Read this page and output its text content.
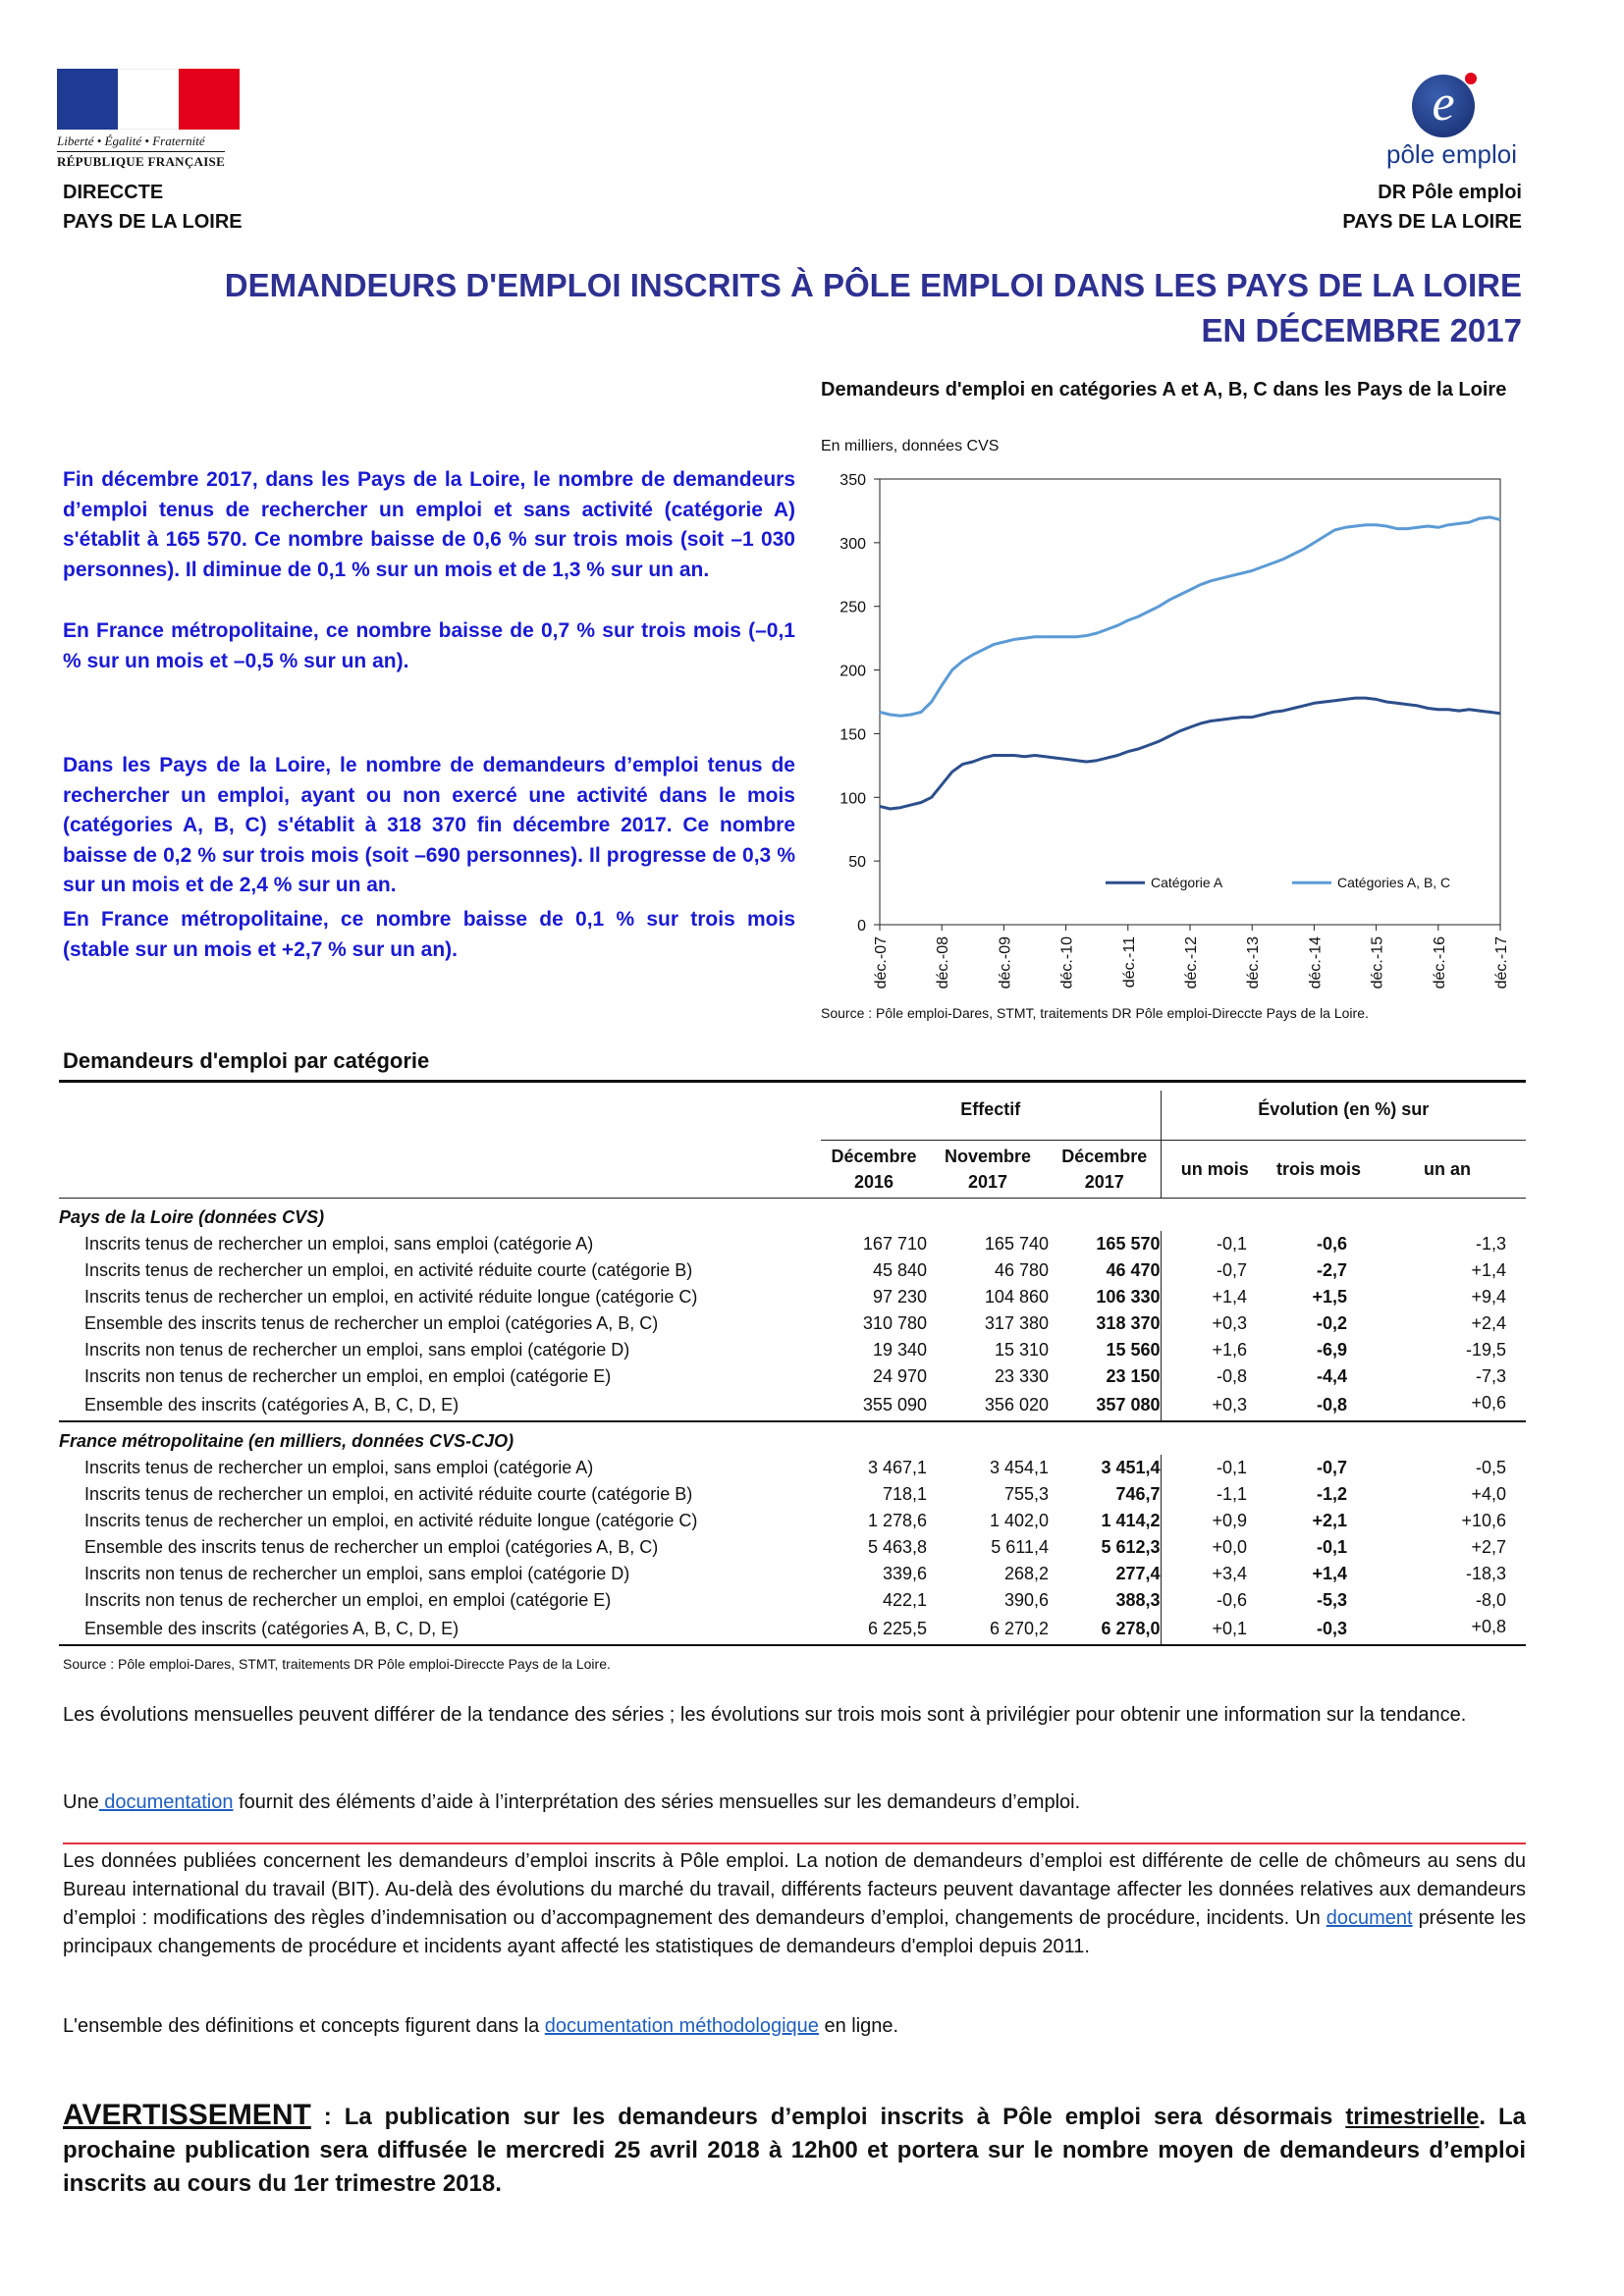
Liberté • Égalité • Fraternité
RÉPUBLIQUE FRANÇAISE
e
pôle emploi
DIRECCTE
PAYS DE LA LOIRE
DR Pôle emploi
PAYS DE LA LOIRE
DEMANDEURS D'EMPLOI INSCRITS À PÔLE EMPLOI DANS LES PAYS DE LA LOIRE
EN DÉCEMBRE 2017

Fin décembre 2017, dans les Pays de la Loire, le nombre de demandeurs d’emploi tenus de rechercher un emploi et sans activité (catégorie A) s'établit à 165 570. Ce nombre baisse de 0,6 % sur trois mois (soit –1 030 personnes). Il diminue de 0,1 % sur un mois et de 1,3 % sur un an.

En France métropolitaine, ce nombre baisse de 0,7 % sur trois mois (–0,1 % sur un mois et –0,5 % sur un an).

Dans les Pays de la Loire, le nombre de demandeurs d’emploi tenus de rechercher un emploi, ayant ou non exercé une activité dans le mois (catégories A, B, C) s'établit à 318 370 fin décembre 2017. Ce nombre baisse de 0,2 % sur trois mois (soit –690 personnes). Il progresse de 0,3 % sur un mois et de 2,4 % sur un an.

En France métropolitaine, ce nombre baisse de 0,1 % sur trois mois (stable sur un mois et +2,7 % sur un an).

Demandeurs d'emploi en catégories A et A, B, C dans les Pays de la Loire
En milliers, données CVS
0
50
100
150
200
250
300
350
déc.-07	déc.-08	déc.-09	déc.-10	déc.-11	déc.-12	déc.-13	déc.-14	déc.-15	déc.-16	déc.-17
Catégorie A	Catégories A, B, C
Source : Pôle emploi-Dares, STMT, traitements DR Pôle emploi-Direccte Pays de la Loire.
Demandeurs d'emploi par catégorie

	Effectif			Évolution (en %) sur		
	Décembre
2016	Novembre
2017	Décembre
2017	un mois	trois mois	un an
Pays de la Loire (données CVS)						
Inscrits tenus de rechercher un emploi, sans emploi (catégorie A)	167 710	165 740	165 570	-0,1	-0,6	-1,3
Inscrits tenus de rechercher un emploi, en activité réduite courte (catégorie B)	45 840	46 780	46 470	-0,7	-2,7	+1,4
Inscrits tenus de rechercher un emploi, en activité réduite longue (catégorie C)	97 230	104 860	106 330	+1,4	+1,5	+9,4
Ensemble des inscrits tenus de rechercher un emploi (catégories A, B, C)	310 780	317 380	318 370	+0,3	-0,2	+2,4
Inscrits non tenus de rechercher un emploi, sans emploi (catégorie D)	19 340	15 310	15 560	+1,6	-6,9	-19,5
Inscrits non tenus de rechercher un emploi, en emploi (catégorie E)	24 970	23 330	23 150	-0,8	-4,4	-7,3
Ensemble des inscrits (catégories A, B, C, D, E)	355 090	356 020	357 080	+0,3	-0,8	+0,6
France métropolitaine (en milliers, données CVS-CJO)						
Inscrits tenus de rechercher un emploi, sans emploi (catégorie A)	3 467,1	3 454,1	3 451,4	-0,1	-0,7	-0,5
Inscrits tenus de rechercher un emploi, en activité réduite courte (catégorie B)	718,1	755,3	746,7	-1,1	-1,2	+4,0
Inscrits tenus de rechercher un emploi, en activité réduite longue (catégorie C)	1 278,6	1 402,0	1 414,2	+0,9	+2,1	+10,6
Ensemble des inscrits tenus de rechercher un emploi (catégories A, B, C)	5 463,8	5 611,4	5 612,3	+0,0	-0,1	+2,7
Inscrits non tenus de rechercher un emploi, sans emploi (catégorie D)	339,6	268,2	277,4	+3,4	+1,4	-18,3
Inscrits non tenus de rechercher un emploi, en emploi (catégorie E)	422,1	390,6	388,3	-0,6	-5,3	-8,0
Ensemble des inscrits (catégories A, B, C, D, E)	6 225,5	6 270,2	6 278,0	+0,1	-0,3	+0,8

Source : Pôle emploi-Dares, STMT, traitements DR Pôle emploi-Direccte Pays de la Loire.

Les évolutions mensuelles peuvent différer de la tendance des séries ; les évolutions sur trois mois sont à privilégier pour obtenir une information sur la tendance.

Une documentation fournit des éléments d’aide à l’interprétation des séries mensuelles sur les demandeurs d’emploi.

Les données publiées concernent les demandeurs d’emploi inscrits à Pôle emploi. La notion de demandeurs d’emploi est différente de celle de chômeurs au sens du Bureau international du travail (BIT). Au-delà des évolutions du marché du travail, différents facteurs peuvent davantage affecter les données relatives aux demandeurs d’emploi : modifications des règles d’indemnisation ou d’accompagnement des demandeurs d’emploi, changements de procédure, incidents. Un document présente les principaux changements de procédure et incidents ayant affecté les statistiques de demandeurs d'emploi depuis 2011.

L'ensemble des définitions et concepts figurent dans la documentation méthodologique en ligne.

AVERTISSEMENT : La publication sur les demandeurs d’emploi inscrits à Pôle emploi sera désormais trimestrielle. La prochaine publication sera diffusée le mercredi 25 avril 2018 à 12h00 et portera sur le nombre moyen de demandeurs d’emploi inscrits au cours du 1er trimestre 2018.
